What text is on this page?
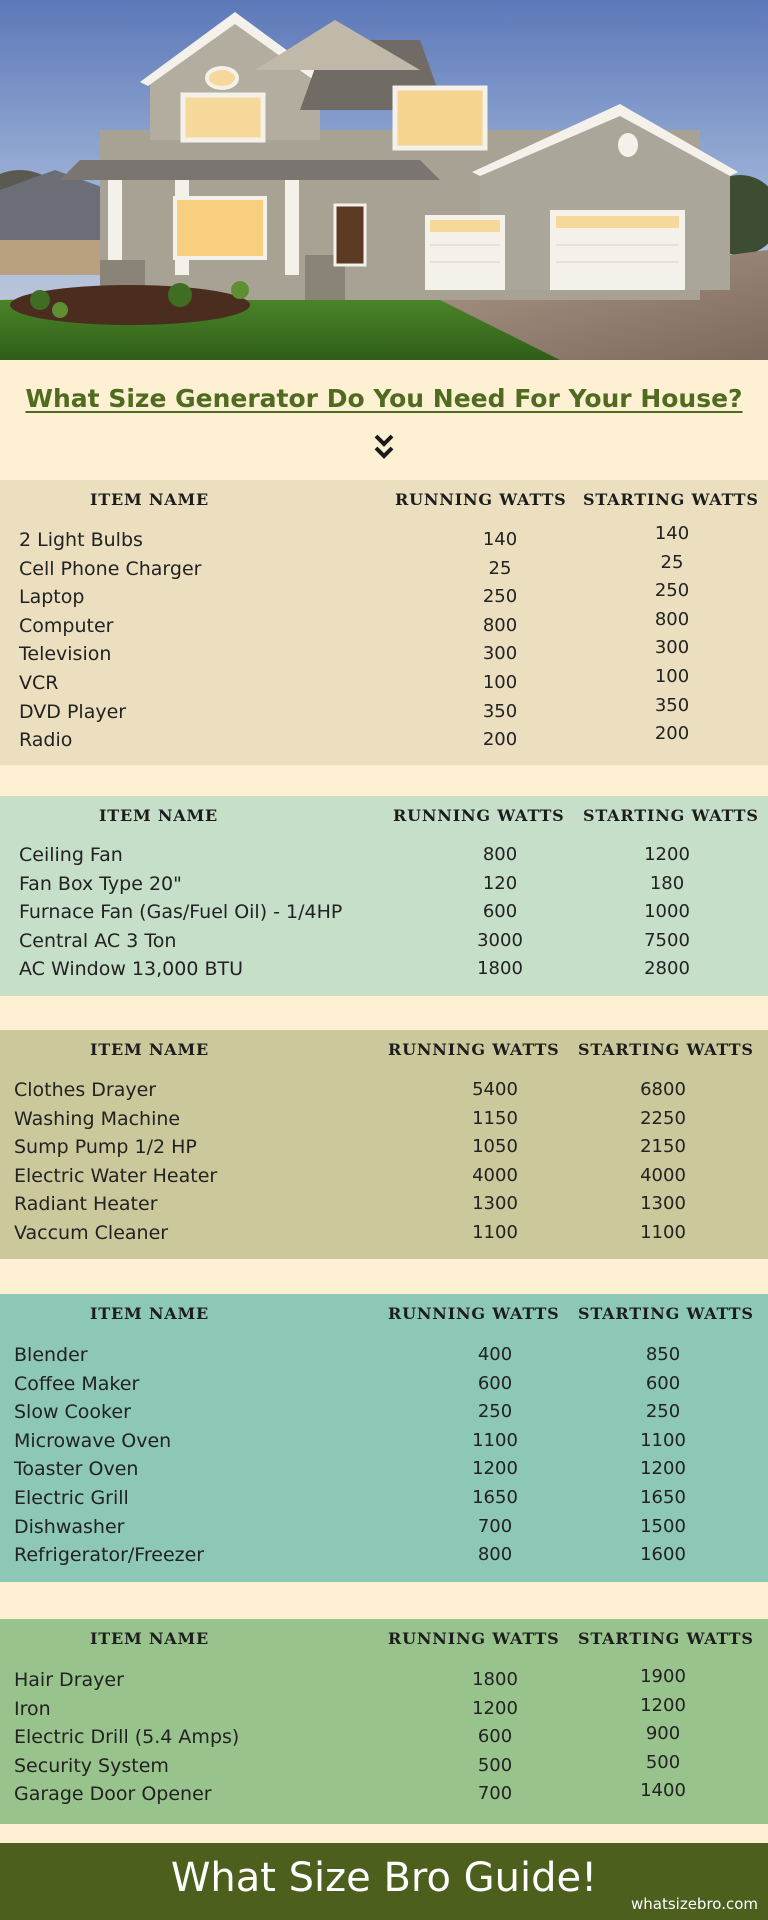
What Size Generator Do You Need For Your House?
ITEM NAME	RUNNING WATTS STARTING WATTS
2 Light Bulbs	140	140
Cell Phone Charger	25	25
Laptop	250	250
Computer	800	800
Television	300	300
VCR	100	100
DVD Player	350	350
Radio	200	200
ITEM NAME	RUNNING WATTS STARTING WATTS
Ceiling Fan	800	1200
Fan Box Type 20"	120	180
Furnace Fan (Gas/Fuel Oil) - 1/4HP	600	1000
Central AC 3 Ton	3000	7500
AC Window 13,000 BTU	1800	2800
ITEM NAME	RUNNING WATTS STARTING WATTS
Clothes Drayer	5400	6800
Washing Machine	1150	2250
Sump Pump 1/2 HP	1050	2150
Electric Water Heater	4000	4000
Radiant Heater	1300	1300
Vaccum Cleaner	1100	1100
ITEM NAME	RUNNING WATTS STARTING WATTS
Blender	400	850
Coffee Maker	600	600
Slow Cooker	250	250
Microwave Oven	1100	1100
Toaster Oven	1200	1200
Electric Grill	1650	1650
Dishwasher	700	1500
Refrigerator/Freezer	800	1600
ITEM NAME	RUNNING WATTS STARTING WATTS
Hair Drayer	1800	1900
Iron	1200	1200
Electric Drill (5.4 Amps)	600	900
Security System	500	500
Garage Door Opener	700	1400
What Size Bro Guide!
whatsizebro.com
